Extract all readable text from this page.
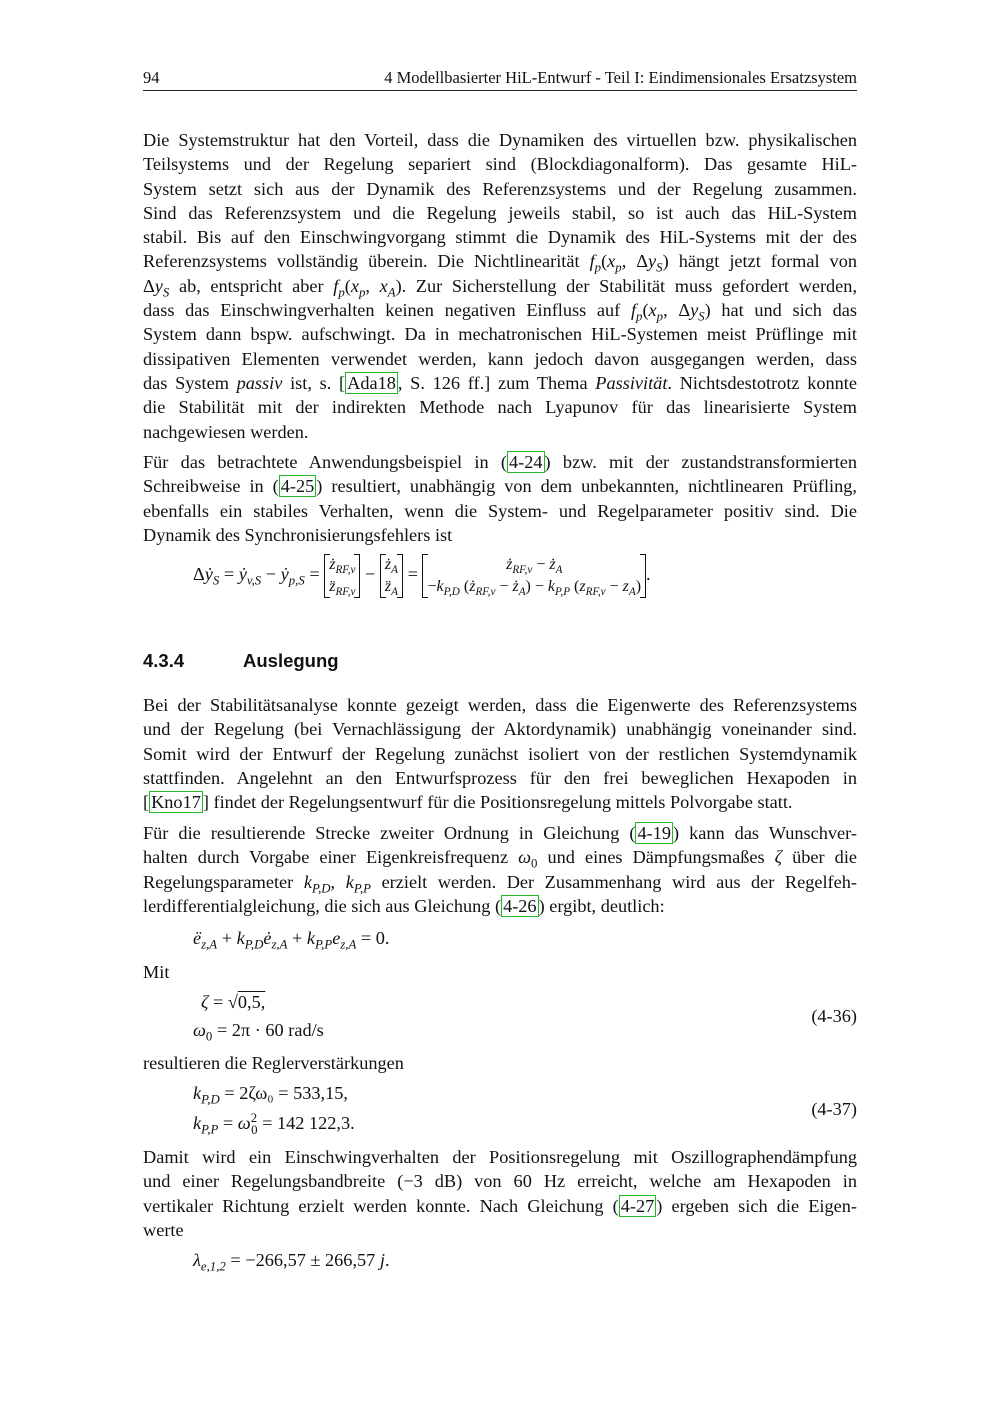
94	4 Modellbasierter HiL-Entwurf - Teil I: Eindimensionales Ersatzsystem
Die Systemstruktur hat den Vorteil, dass die Dynamiken des virtuellen bzw. physikalischen
Teilsystems und der Regelung separiert sind (Blockdiagonalform). Das gesamte HiL-
System setzt sich aus der Dynamik des Referenzsystems und der Regelung zusammen.
Sind das Referenzsystem und die Regelung jeweils stabil, so ist auch das HiL-System
stabil. Bis auf den Einschwingvorgang stimmt die Dynamik des HiL-Systems mit der des
Referenzsystems vollständig überein. Die Nichtlinearität $f_p(x_p$, $\Delta y_S$) hängt jetzt formal von
$\Delta y_S$ ab, entspricht aber $f_p(x_p$, $x_A$). Zur Sicherstellung der Stabilität muss gefordert werden,
dass das Einschwingverhalten keinen negativen Einfluss auf $f_p(x_p$, $\Delta y_S$) hat und sich das
System dann bspw. aufschwingt. Da in mechatronischen HiL-Systemen meist Prüflinge mit
dissipativen Elementen verwendet werden, kann jedoch davon ausgegangen werden, dass
das System passiv ist, s. [ Ada18 , S. 126 ff.] zum Thema Passivität. Nichtsdestotrotz konnte
die Stabilität mit der indirekten Methode nach Lyapunov für das linearisierte System
nachgewiesen werden.
Für das betrachtete Anwendungsbeispiel in ( 4-24 ) bzw. mit der zustandstransformierten
Schreibweise in ( 4-25 ) resultiert, unabhängig von dem unbekannten, nichtlinearen Prüfling,
ebenfalls ein stabiles Verhalten, wenn die System- und Regelparameter positiv sind. Die
Dynamik des Synchronisierungsfehlers ist
Δẏ$_S$ = ẏ$_{v,S}$ − ẏ$_{p,S}$ = $ż_{RF,v}$
$z̈_{RF,v}$
− $ż_A$
$z̈_A$
=	$ż_{RF,v}$ − $ż_A$
$-k_{P,D}$ ($ż_{RF,v}$ − $ż_A) - k_{P,P}$ $(z_{RF,v} - z_A)$
.
4.3.4	Auslegung
Bei der Stabilitätsanalyse konnte gezeigt werden, dass die Eigenwerte des Referenzsystems
und der Regelung (bei Vernachlässigung der Aktordynamik) unabhängig voneinander sind.
Somit wird der Entwurf der Regelung zunächst isoliert von der restlichen Systemdynamik
stattfinden. Angelehnt an den Entwurfsprozess für den frei beweglichen Hexapoden in
[ Kno17 ] findet der Regelungsentwurf für die Positionsregelung mittels Polvorgabe statt.
Für die resultierende Strecke zweiter Ordnung in Gleichung ( 4-19 ) kann das Wunschver-
halten durch Vorgabe einer Eigenkreisfrequenz $\omega_0$ und eines Dämpfungsmaßes ζ über die
Regelungsparameter $k_{P,D}$, $k_{P,P}$ erzielt werden. Der Zusammenhang wird aus der Regelfeh-
lerdifferentialgleichung, die sich aus Gleichung ( 4-26 ) ergibt, deutlich:
$ë_{z,A}$ + $k_{P,D}ė_{z,A} + k_{P,P}e_{z,A} = 0$.
Mit
ζ = √0,5,
$\omega_0 = 2\pi \cdot 60$ rad/s
(4-36)
resultieren die Reglerverstärkungen
$k_{P,D} = 2\zeta\omega_0 = 533,15$,
$k_{P,P} = \omega^2_0 = 142$ 122,3.
(4-37)
Damit wird ein Einschwingverhalten der Positionsregelung mit Oszillographendämpfung
und einer Regelungsbandbreite (−3 dB) von 60 Hz erreicht, welche am Hexapoden in
vertikaler Richtung erzielt werden konnte. Nach Gleichung ( 4-27 ) ergeben sich die Eigen-
werte
$\lambda_{e,1,2} = -266,57 \pm 266,57$ j.
